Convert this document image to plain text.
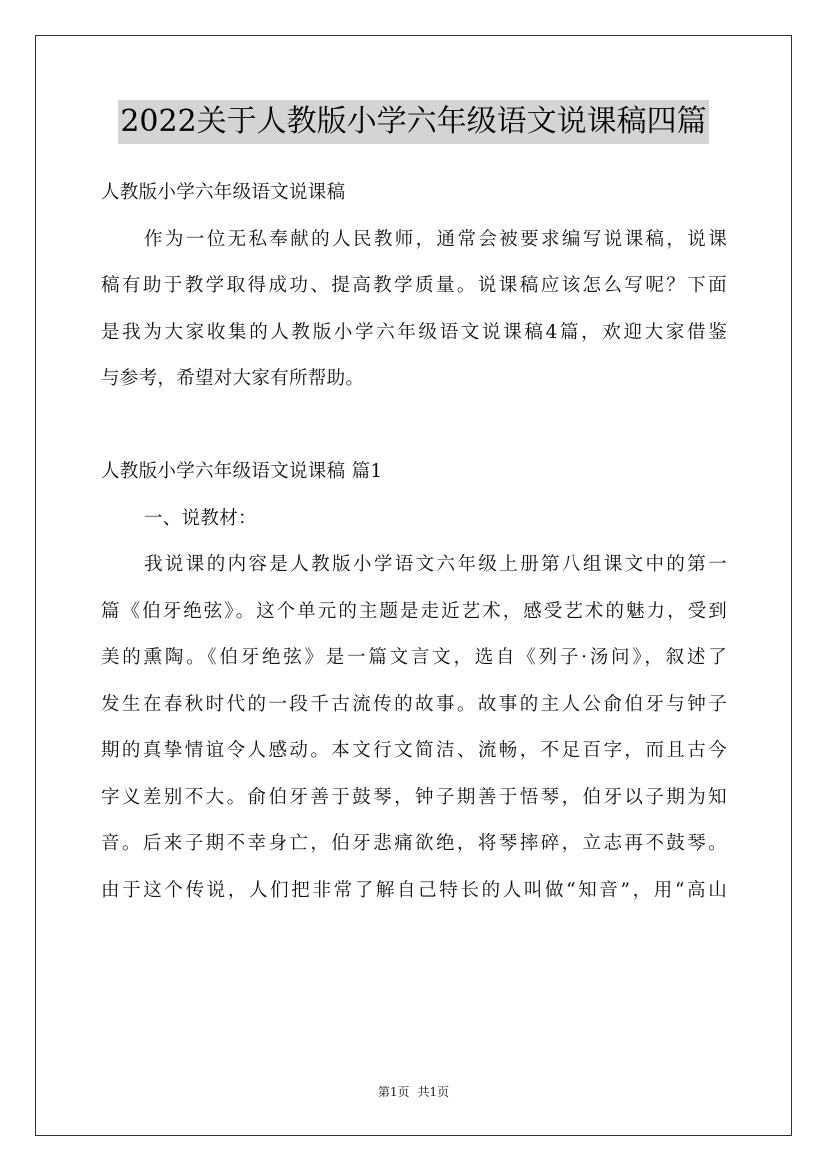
2022关于人教版小学六年级语文说课稿四篇
人教版小学六年级语文说课稿
作为一位无私奉献的人民教师，通常会被要求编写说课稿，说课
稿有助于教学取得成功、提高教学质量。说课稿应该怎么写呢？下面
是我为大家收集的人教版小学六年级语文说课稿4篇，欢迎大家借鉴
与参考，希望对大家有所帮助。
人教版小学六年级语文说课稿 篇1
一、说教材：
我说课的内容是人教版小学语文六年级上册第八组课文中的第一
篇《伯牙绝弦》。这个单元的主题是走近艺术，感受艺术的魅力，受到
美的熏陶。《伯牙绝弦》是一篇文言文，选自《列子·汤问》，叙述了
发生在春秋时代的一段千古流传的故事。故事的主人公俞伯牙与钟子
期的真挚情谊令人感动。本文行文简洁、流畅，不足百字，而且古今
字义差别不大。俞伯牙善于鼓琴，钟子期善于悟琴，伯牙以子期为知
音。后来子期不幸身亡，伯牙悲痛欲绝，将琴摔碎，立志再不鼓琴。
由于这个传说，人们把非常了解自己特长的人叫做“知音”，用“高山
第1页 共1页
